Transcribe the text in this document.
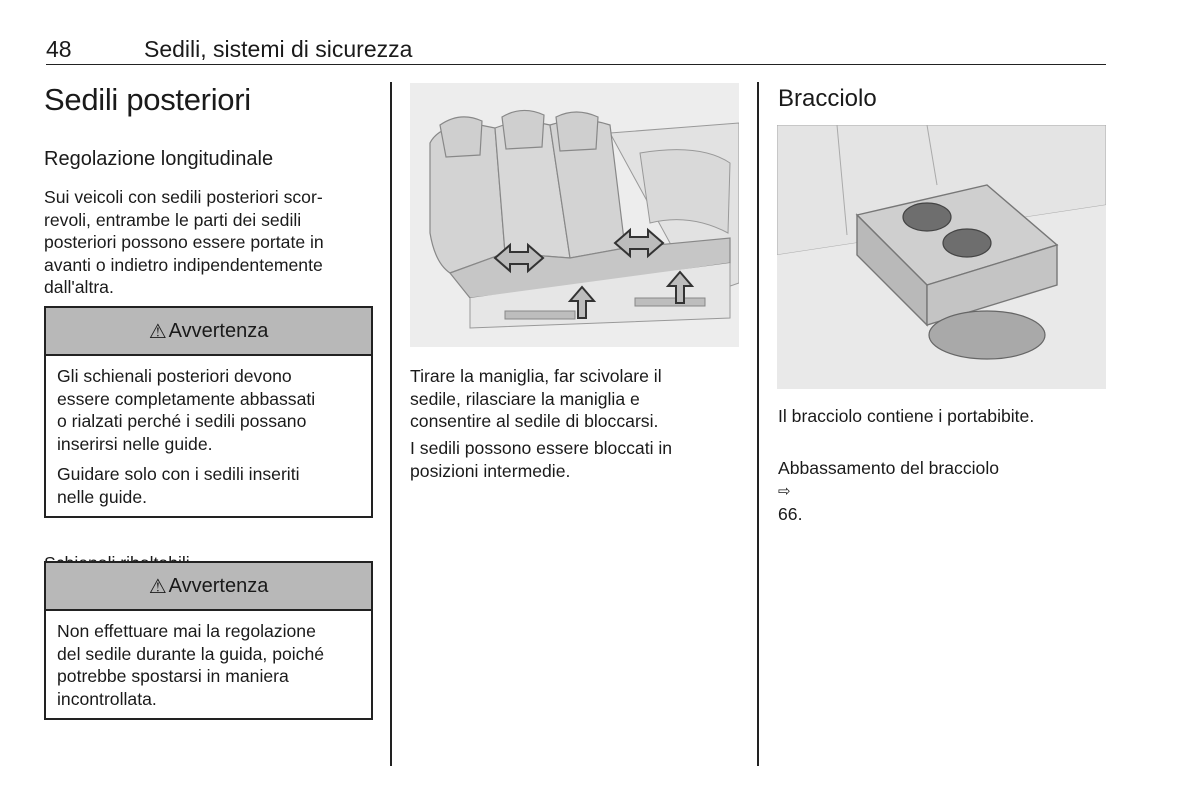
48	Sedili, sistemi di sicurezza
Sedili posteriori
Regolazione longitudinale
Sui veicoli con sedili posteriori scor-
revoli, entrambe le parti dei sedili
posteriori possono essere portate in
avanti o indietro indipendentemente
dall'altra.
⚠ Avvertenza

Gli schienali posteriori devono
essere completamente abbassati
o rialzati perché i sedili possano
inserirsi nelle guide.

Guidare solo con i sedili inseriti
nelle guide.

⚠ Avvertenza

Non effettuare mai la regolazione
del sedile durante la guida, poiché
potrebbe spostarsi in maniera
incontrollata.

Tirare la maniglia, far scivolare il
sedile, rilasciare la maniglia e
consentire al sedile di bloccarsi.
I sedili possono essere bloccati in
posizioni intermedie.
Bracciolo
Il bracciolo contiene i portabibite.

Abbassamento del bracciolo
⇨
66.
